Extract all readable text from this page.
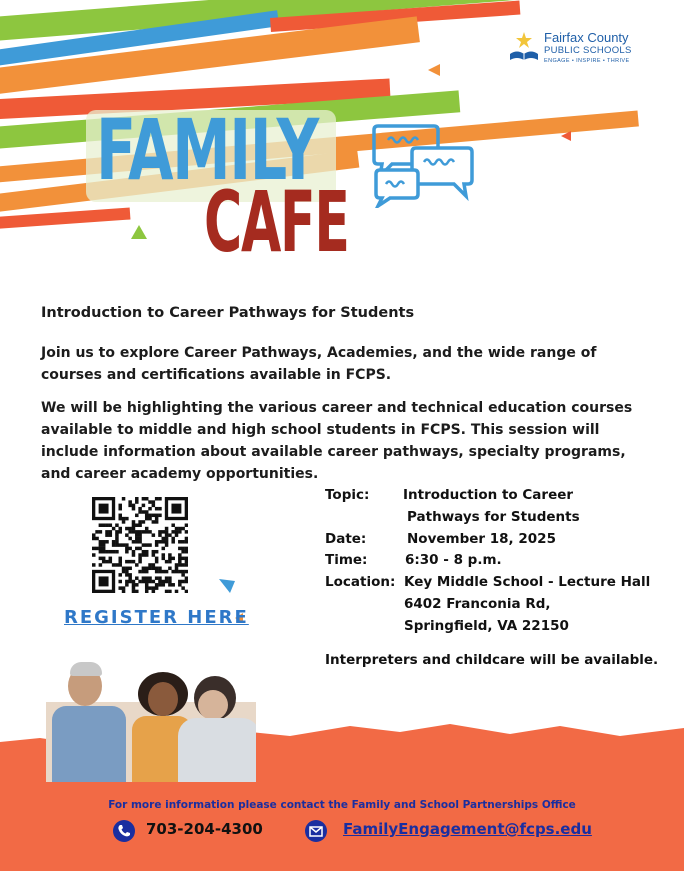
Fairfax County
PUBLIC SCHOOLS
ENGAGE • INSPIRE • THRIVE
FAMILY
CAFE
Introduction to Career Pathways for Students
Join us to explore Career Pathways, Academies, and the wide range of courses and certifications available in FCPS.
We will be highlighting the various career and technical education courses available to middle and high school students in FCPS. This session will include information about available career pathways, specialty programs, and career academy opportunities.
REGISTER HERE
Topic: Introduction to Career
Pathways for Students
Date:	November 18, 2025
Time:	6:30 - 8 p.m.
Location: Key Middle School - Lecture Hall
6402 Franconia Rd,
Springfield, VA 22150
Interpreters and childcare will be available.
For more information please contact the Family and School Partnerships Office
703-204-4300	FamilyEngagement@fcps.edu
